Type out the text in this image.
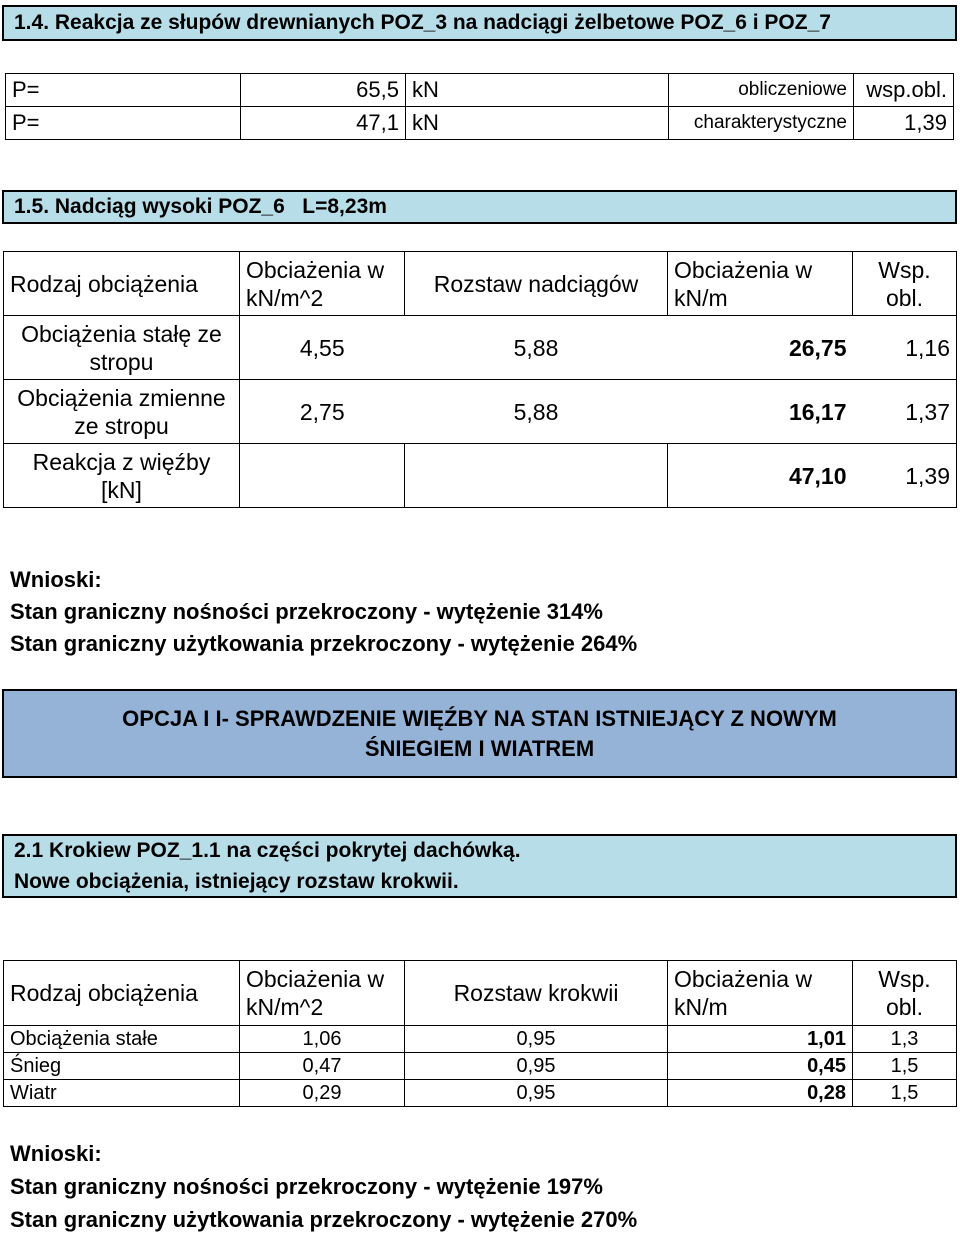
1.4. Reakcja ze słupów drewnianych POZ_3 na nadciągi żelbetowe POZ_6 i POZ_7
P=	65,5	kN	obliczeniowe	wsp.obl.
P=	47,1	kN	charakterystyczne	1,39
1.5. Nadciąg wysoki POZ_6   L=8,23m
Rodzaj obciążenia	Obciażenia w kN/m^2	Rozstaw nadciągów	Obciażenia w kN/m	Wsp. obl.
Obciążenia stałę ze stropu	4,55	5,88	26,75	1,16
Obciążenia zmienne ze stropu	2,75	5,88	16,17	1,37
Reakcja z więźby [kN]			47,10	1,39
Wnioski:
Stan graniczny nośności przekroczony - wytężenie 314%
Stan graniczny użytkowania przekroczony - wytężenie 264%
OPCJA I I- SPRAWDZENIE WIĘŹBY NA STAN ISTNIEJĄCY Z NOWYM
ŚNIEGIEM I WIATREM
2.1 Krokiew POZ_1.1 na części pokrytej dachówką.
Nowe obciążenia, istniejący rozstaw krokwii.
Rodzaj obciążenia	Obciażenia w kN/m^2	Rozstaw krokwii	Obciażenia w kN/m	Wsp. obl.
Obciążenia stałe	1,06	0,95	1,01	1,3
Śnieg	0,47	0,95	0,45	1,5
Wiatr	0,29	0,95	0,28	1,5
Wnioski:
Stan graniczny nośności przekroczony - wytężenie 197%
Stan graniczny użytkowania przekroczony - wytężenie 270%
